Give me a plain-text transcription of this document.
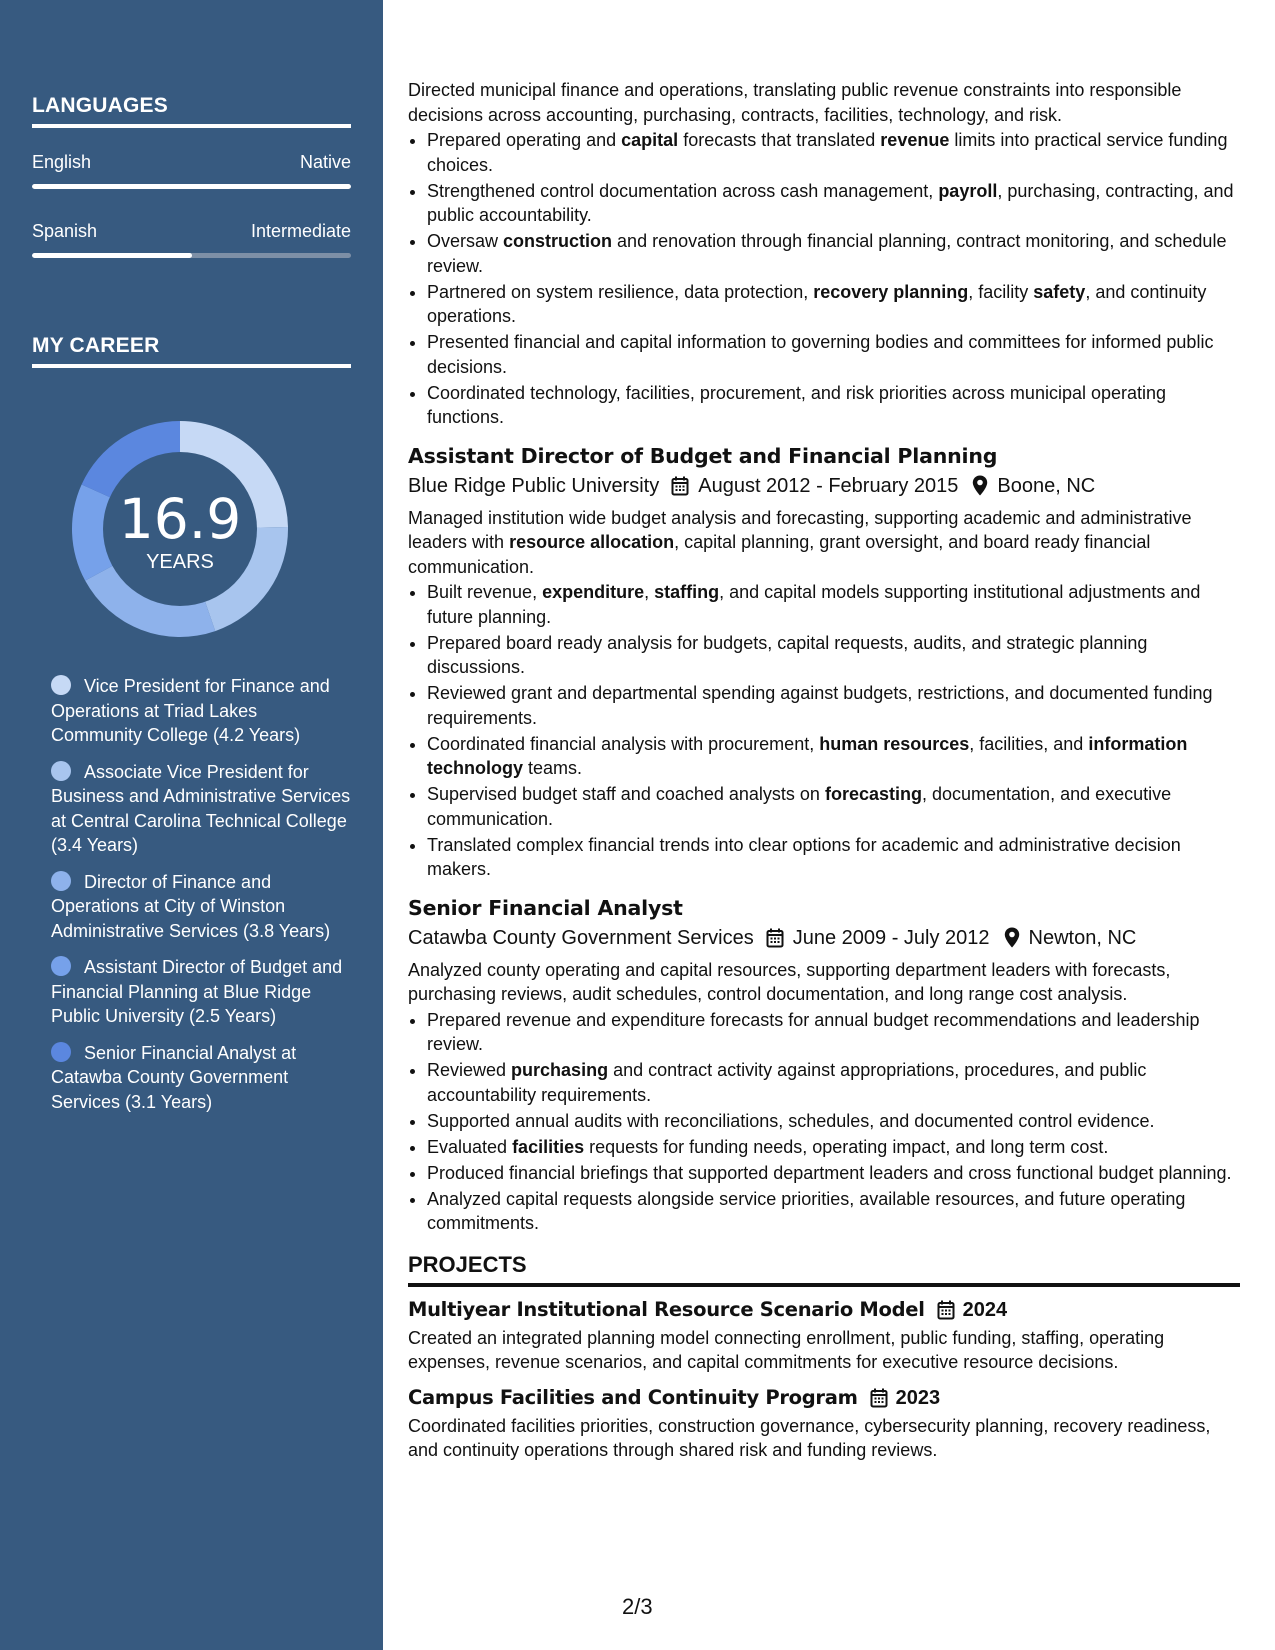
LANGUAGES
English	Native
Spanish	Intermediate
MY CAREER
16.9
YEARS
Vice President for Finance and Operations at Triad Lakes Community College (4.2 Years)
Associate Vice President for Business and Administrative Services at Central Carolina Technical College (3.4 Years)
Director of Finance and Operations at City of Winston Administrative Services (3.8 Years)
Assistant Director of Budget and Financial Planning at Blue Ridge Public University (2.5 Years)
Senior Financial Analyst at Catawba County Government Services (3.1 Years)

Directed municipal finance and operations, translating public revenue constraints into responsible decisions across accounting, purchasing, contracts, facilities, technology, and risk.

• Prepared operating and capital forecasts that translated revenue limits into practical service funding choices.
• Strengthened control documentation across cash management, payroll, purchasing, contracting, and public accountability.
• Oversaw construction and renovation through financial planning, contract monitoring, and schedule review.
• Partnered on system resilience, data protection, recovery planning, facility safety, and continuity operations.
• Presented financial and capital information to governing bodies and committees for informed public decisions.
• Coordinated technology, facilities, procurement, and risk priorities across municipal operating functions.
Assistant Director of Budget and Financial Planning
Blue Ridge Public University August 2012 - February 2015 Boone, NC

Managed institution wide budget analysis and forecasting, supporting academic and administrative leaders with resource allocation, capital planning, grant oversight, and board ready financial communication.

• Built revenue, expenditure, staffing, and capital models supporting institutional adjustments and future planning.
• Prepared board ready analysis for budgets, capital requests, audits, and strategic planning discussions.
• Reviewed grant and departmental spending against budgets, restrictions, and documented funding requirements.
• Coordinated financial analysis with procurement, human resources, facilities, and information technology teams.
• Supervised budget staff and coached analysts on forecasting, documentation, and executive communication.
• Translated complex financial trends into clear options for academic and administrative decision makers.
Senior Financial Analyst
Catawba County Government Services June 2009 - July 2012 Newton, NC

Analyzed county operating and capital resources, supporting department leaders with forecasts, purchasing reviews, audit schedules, control documentation, and long range cost analysis.

• Prepared revenue and expenditure forecasts for annual budget recommendations and leadership review.
• Reviewed purchasing and contract activity against appropriations, procedures, and public accountability requirements.
• Supported annual audits with reconciliations, schedules, and documented control evidence.
• Evaluated facilities requests for funding needs, operating impact, and long term cost.
• Produced financial briefings that supported department leaders and cross functional budget planning.
• Analyzed capital requests alongside service priorities, available resources, and future operating commitments.
PROJECTS
Multiyear Institutional Resource Scenario Model 2024

Created an integrated planning model connecting enrollment, public funding, staffing, operating expenses, revenue scenarios, and capital commitments for executive resource decisions.

Campus Facilities and Continuity Program 2023

Coordinated facilities priorities, construction governance, cybersecurity planning, recovery readiness, and continuity operations through shared risk and funding reviews.

2/3
